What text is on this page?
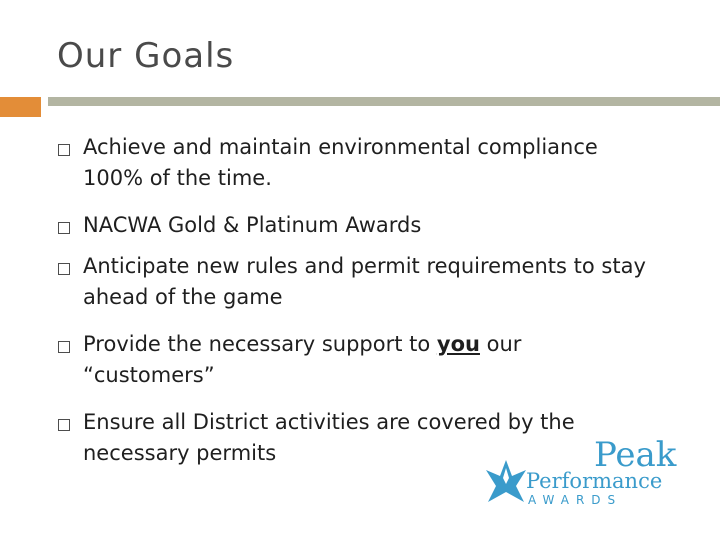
Our Goals
Achieve and maintain environmental compliance 100% of the time.
NACWA Gold & Platinum Awards
Anticipate new rules and permit requirements to stay ahead of the game
Provide the necessary support to you our “customers”
Ensure all District activities are covered by the necessary permits	Peak
Performance
AWARDS
